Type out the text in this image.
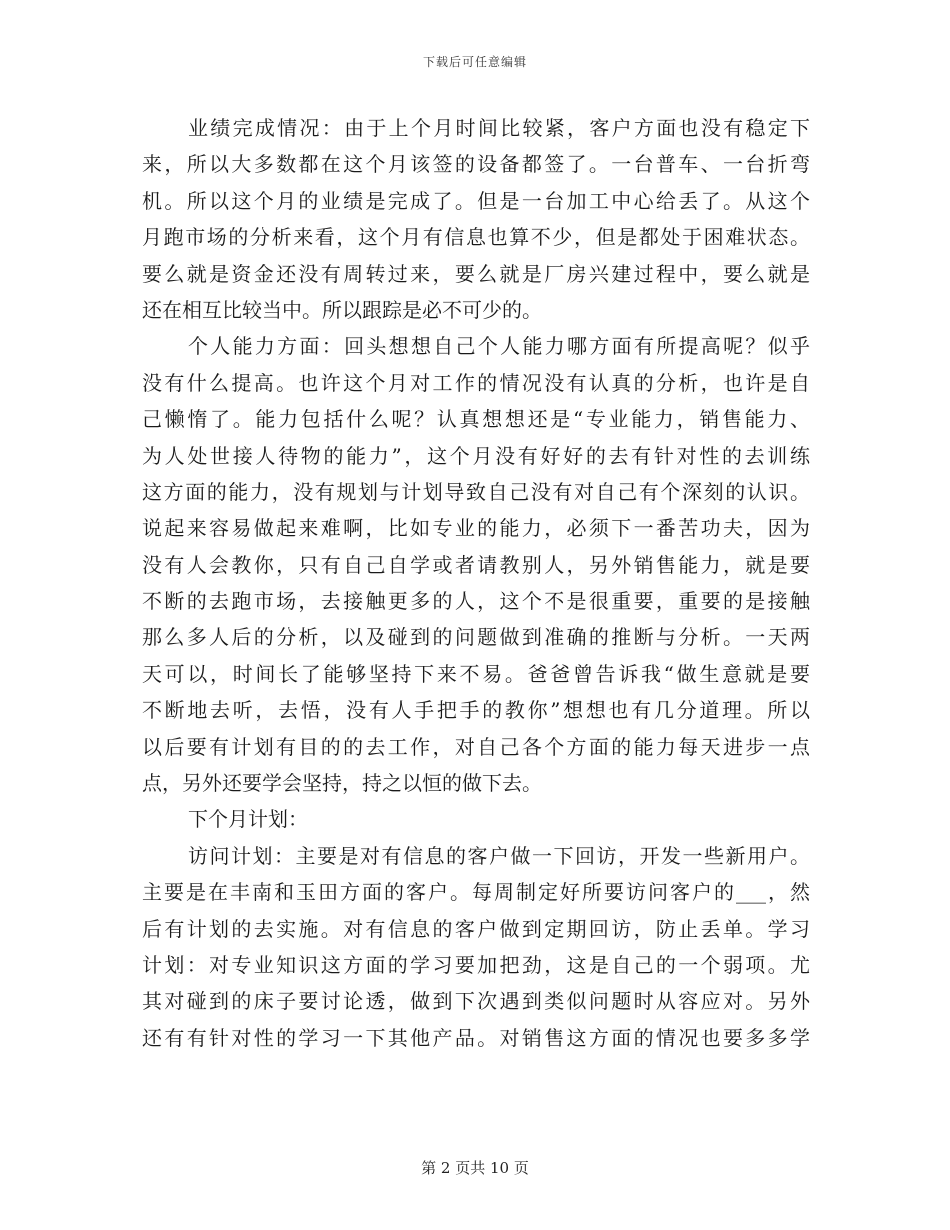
下载后可任意编辑
业绩完成情况：由于上个月时间比较紧，客户方面也没有稳定下
来，所以大多数都在这个月该签的设备都签了。一台普车、一台折弯
机。所以这个月的业绩是完成了。但是一台加工中心给丢了。从这个
月跑市场的分析来看，这个月有信息也算不少，但是都处于困难状态。
要么就是资金还没有周转过来，要么就是厂房兴建过程中，要么就是
还在相互比较当中。所以跟踪是必不可少的。
个人能力方面：回头想想自己个人能力哪方面有所提高呢？似乎
没有什么提高。也许这个月对工作的情况没有认真的分析，也许是自
己懒惰了。能力包括什么呢？认真想想还是“专业能力，销售能力、
为人处世接人待物的能力”，这个月没有好好的去有针对性的去训练
这方面的能力，没有规划与计划导致自己没有对自己有个深刻的认识。
说起来容易做起来难啊，比如专业的能力，必须下一番苦功夫，因为
没有人会教你，只有自己自学或者请教别人，另外销售能力，就是要
不断的去跑市场，去接触更多的人，这个不是很重要，重要的是接触
那么多人后的分析，以及碰到的问题做到准确的推断与分析。一天两
天可以，时间长了能够坚持下来不易。爸爸曾告诉我“做生意就是要
不断地去听，去悟，没有人手把手的教你”想想也有几分道理。所以
以后要有计划有目的的去工作，对自己各个方面的能力每天进步一点
点，另外还要学会坚持，持之以恒的做下去。
下个月计划：
访问计划：主要是对有信息的客户做一下回访，开发一些新用户。
主要是在丰南和玉田方面的客户。每周制定好所要访问客户的___，然
后有计划的去实施。对有信息的客户做到定期回访，防止丢单。学习
计划：对专业知识这方面的学习要加把劲，这是自己的一个弱项。尤
其对碰到的床子要讨论透，做到下次遇到类似问题时从容应对。另外
还有有针对性的学习一下其他产品。对销售这方面的情况也要多多学
第 2 页共 10 页
